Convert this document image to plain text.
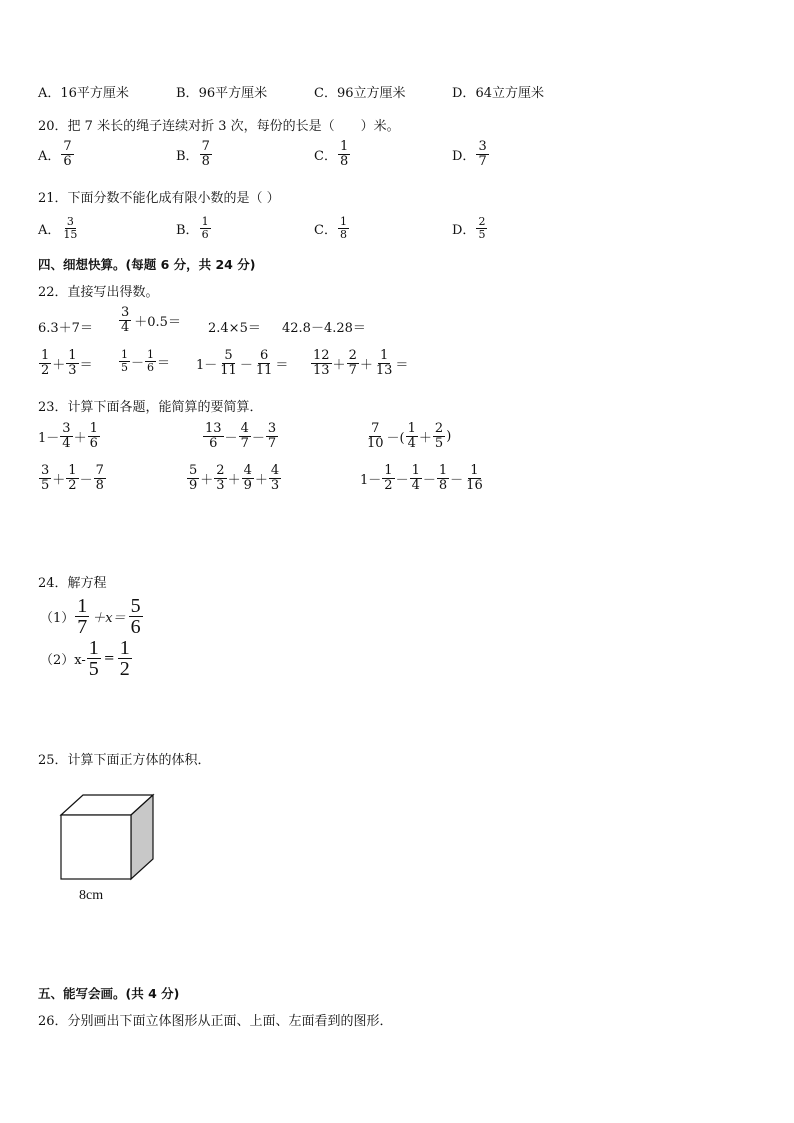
A．16平方厘米	B．96平方厘米	C．96立方厘米	D．64立方厘米
20．把 7 米长的绳子连续对折 3 次，每份的长是（　　）米。
A． $\frac{7}{6}$	B． $\frac{7}{8}$	C． $\frac{1}{8}$	D． $\frac{3}{7}$
21．下面分数不能化成有限小数的是（ ）
A． $\frac{3}{15}$	B． $\frac{1}{6}$	C． $\frac{1}{8}$	D． $\frac{2}{5}$
四、细想快算。(每题 6 分，共 24 分)
22．直接写出得数。
$6.3+7= \frac{3}{4} +0.5= 2.4\times 5= 42.8-4.28=$
$\frac{1}{2} + \frac{1}{3} = \frac{1}{5} - \frac{1}{6} = 1- \frac{5}{11} - \frac{6}{11} = \frac{12}{13} + \frac{2}{7} + \frac{1}{13}$ ＝
23．计算下面各题，能简算的要简算．
$1- \frac{3}{4} + \frac{1}{6}$	$\frac{13}{6} - \frac{4}{7} - \frac{3}{7}$	$\frac{7}{10}$ －( $\frac{1}{4} + \frac{2}{5}$ )
$\frac{3}{5} + \frac{1}{2} - \frac{7}{8}$	$\frac{5}{9} + \frac{2}{3} + \frac{4}{9} + \frac{4}{3}$	$1- \frac{1}{2} - \frac{1}{4} - \frac{1}{8} - \frac{1}{16}$
24．解方程
$(1) \frac{1}{7} +x= \frac{5}{6}$
$(2)x- \frac{1}{5} = \frac{1}{2}$
25．计算下面正方体的体积．
8cm
五、能写会画。(共 4 分)
26．分别画出下面立体图形从正面、上面、左面看到的图形．
